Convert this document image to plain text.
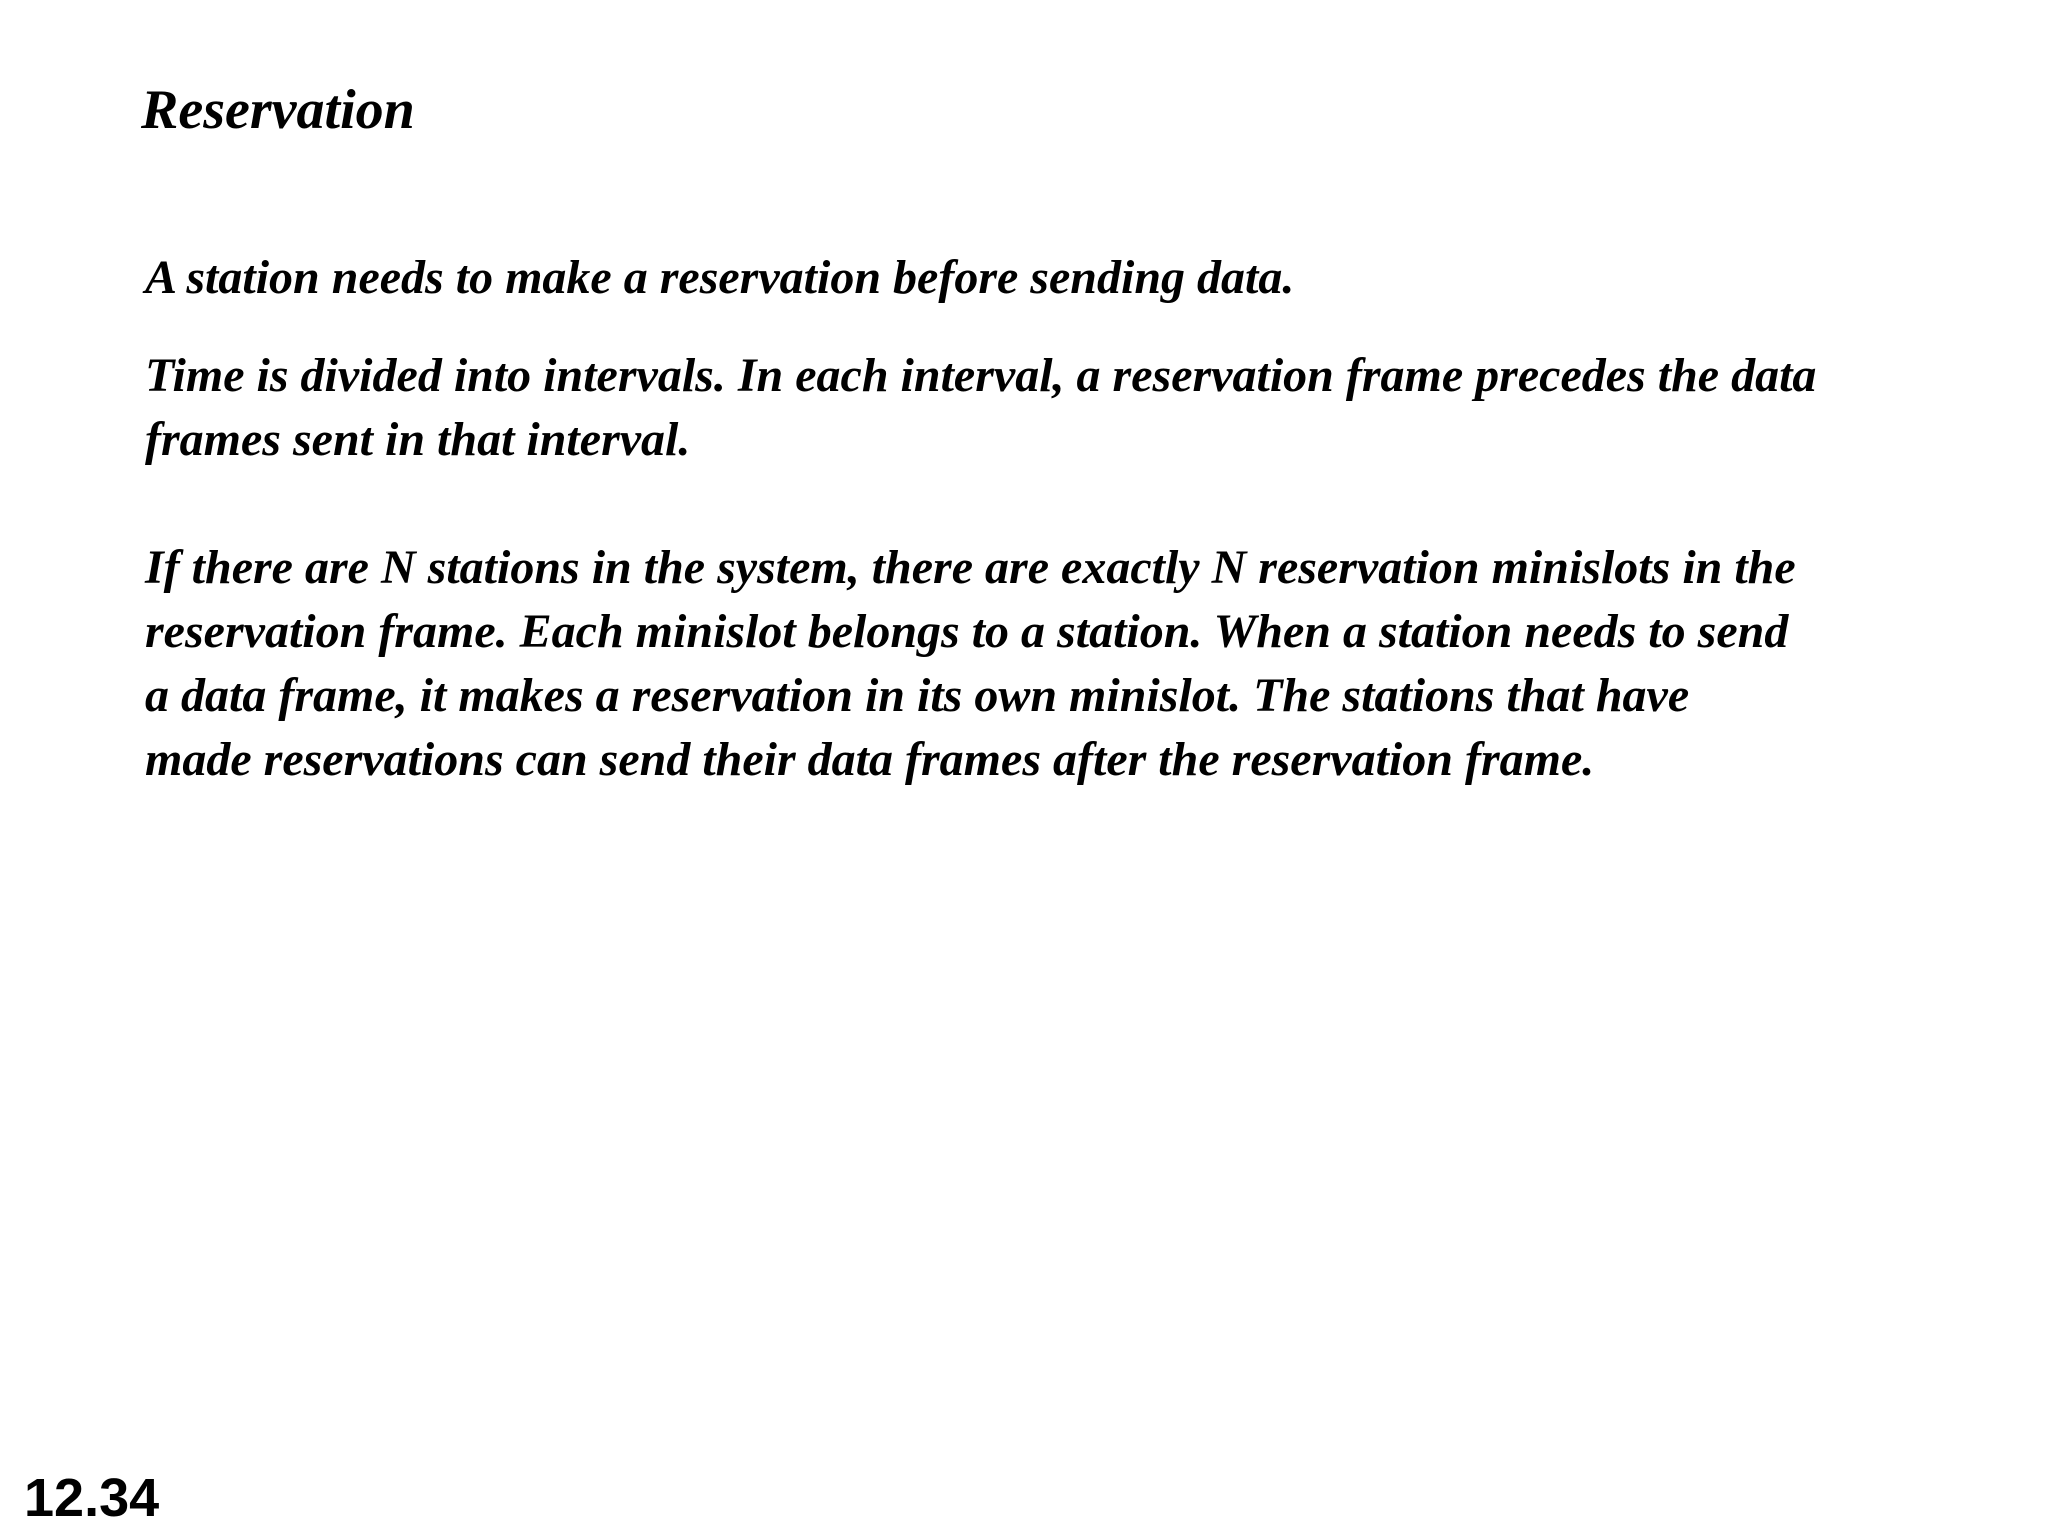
Reservation

A station needs to make a reservation before sending data.

Time is divided into intervals. In each interval, a reservation frame precedes the data
frames sent in that interval.

If there are N stations in the system, there are exactly N reservation minislots in the
reservation frame. Each minislot belongs to a station. When a station needs to send
a data frame, it makes a reservation in its own minislot. The stations that have
made reservations can send their data frames after the reservation frame.

12.34
